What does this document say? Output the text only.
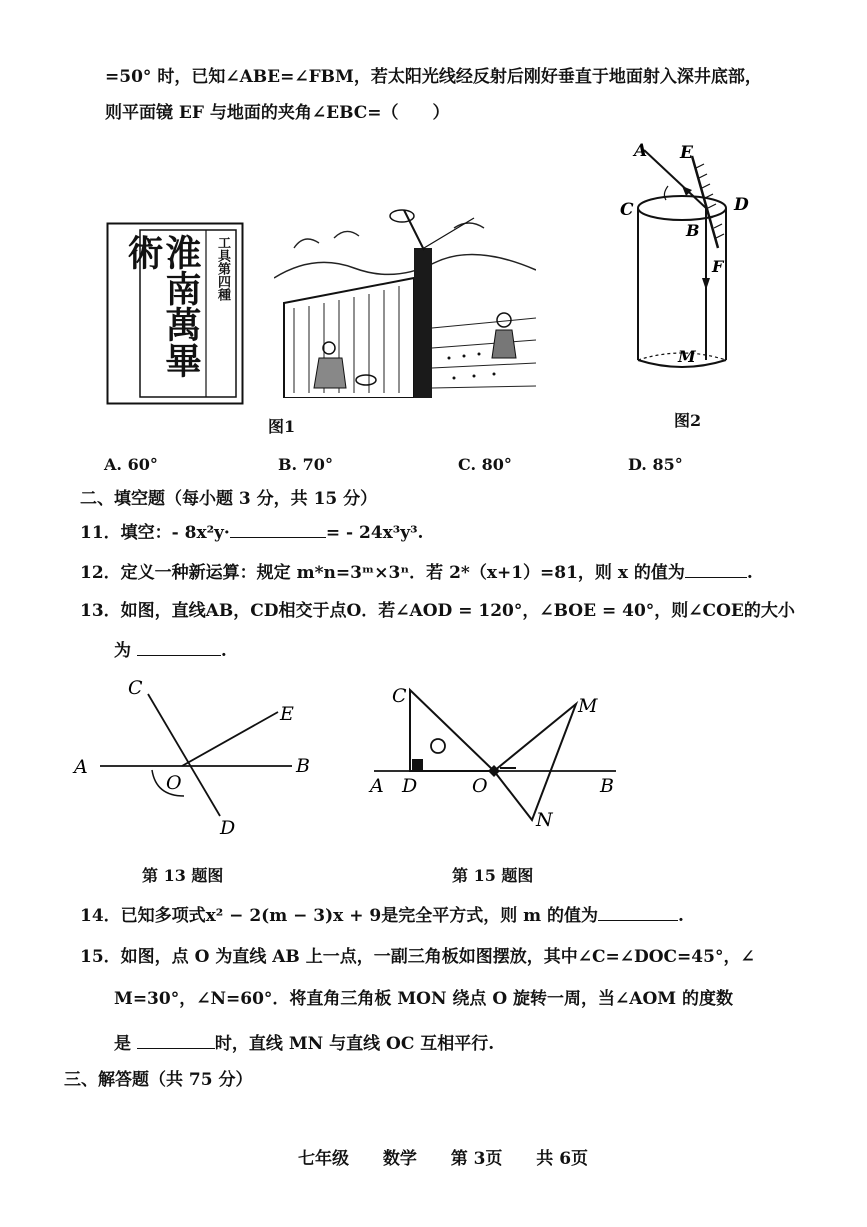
=50° 时，已知∠ABE=∠FBM，若太阳光线经反射后刚好垂直于地面射入深井底部，
则平面镜 EF 与地面的夹角∠EBC=（　　）
淮南萬畢術	工具第四種
图1
A E
C	D
B
F
M
图2
A. 60°	B. 70°	C. 80°	D. 85°
二、填空题（每小题 3 分，共 15 分）
11．填空：- 8x²y·	= - 24x³y³.
12．定义一种新运算：规定 m*n=3ᵐ×3ⁿ．若 2*（x+1）=81，则 x 的值为	.
13．如图，直线AB，CD相交于点O．若∠AOD = 120°，∠BOE = 40°，则∠COE的大小
为	.
A	B
C
D
E
O
第 13 题图
C
A D	O	B
M
N
第 15 题图
14．已知多项式x² − 2(m − 3)x + 9是完全平方式，则 m 的值为	.
15．如图，点 O 为直线 AB 上一点，一副三角板如图摆放，其中∠C=∠DOC=45°，∠
M=30°，∠N=60°．将直角三角板 MON 绕点 O 旋转一周，当∠AOM 的度数
是	时，直线 MN 与直线 OC 互相平行.
三、解答题（共 75 分）
七年级 数学 第 3页 共 6页
